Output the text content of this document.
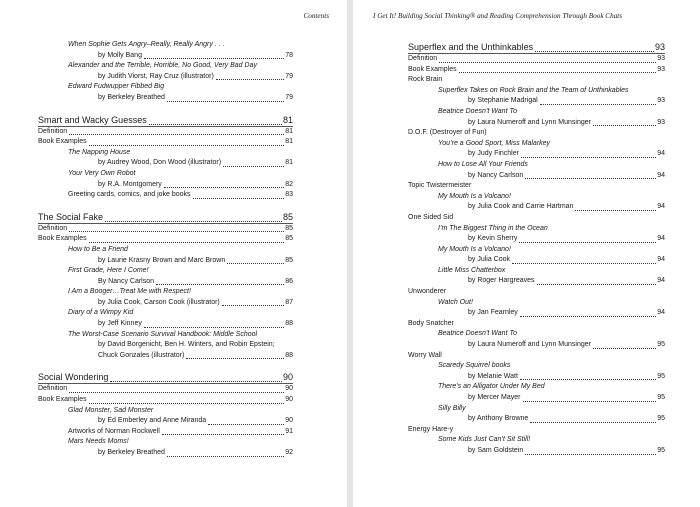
Contents
When Sophie Gets Angry–Really, Really Angry . . .
by Molly Bang	78
Alexander and the Terrible, Horrible, No Good, Very Bad Day
by Judith Viorst, Ray Cruz (illustrator)	79
Edward Fudwupper Fibbed Big
by Berkeley Breathed	79
Smart and Wacky Guesses	81
Definition	81
Book Examples	81
The Napping House
by Audrey Wood, Don Wood (illustrator)	81
Your Very Own Robot
by R.A. Montgomery	82
Greeting cards, comics, and joke books	83
The Social Fake	85
Definition	85
Book Examples	85
How to Be a Friend
by Laurie Krasny Brown and Marc Brown	85
First Grade, Here I Come!
By Nancy Carlson	86
I Am a Booger…Treat Me with Respect!
by Julia Cook, Carson Cook (illustrator)	87
Diary of a Wimpy Kid
by Jeff Kinney	88
The Worst-Case Scenario Survival Handbook: Middle School
by David Borgenicht, Ben H. Winters, and Robin Epstein;
Chuck Gonzales (illustrator)	88
Social Wondering	90
Definition	90
Book Examples	90
Glad Monster, Sad Monster
by Ed Emberley and Anne Miranda	90
Artworks of Norman Rockwell	91
Mars Needs Moms!
by Berkeley Breathed	92
I Get It! Building Social Thinking® and Reading Comprehension Through Book Chats
Superflex and the Unthinkables	93
Definition	93
Book Examples	93
Rock Brain
Superflex Takes on Rock Brain and the Team of Unthinkables
by Stephanie Madrigal	93
Beatrice Doesn’t Want To
by Laura Numeroff and Lynn Munsinger	93
D.O.F. (Destroyer of Fun)
You’re a Good Sport, Miss Malarkey
by Judy Finchler	94
How to Lose All Your Friends
by Nancy Carlson	94
Topic Twistermeister
My Mouth Is a Volcano!
by Julia Cook and Carrie Hartman	94
One Sided Sid
I’m The Biggest Thing in the Ocean
by Kevin Sherry	94
My Mouth Is a Volcano!
by Julia Cook	94
Little Miss Chatterbox
by Roger Hargreaves	94
Unwonderer
Watch Out!
by Jan Fearnley	94
Body Snatcher
Beatrice Doesn’t Want To
by Laura Numeroff and Lynn Munsinger	95
Worry Wall
Scaredy Squirrel books
by Melanie Watt	95
There’s an Alligator Under My Bed
by Mercer Mayer	95
Silly Billy
by Anthony Browne	95
Energy Hare-y
Some Kids Just Can’t Sit Still!
by Sam Goldstein	95
